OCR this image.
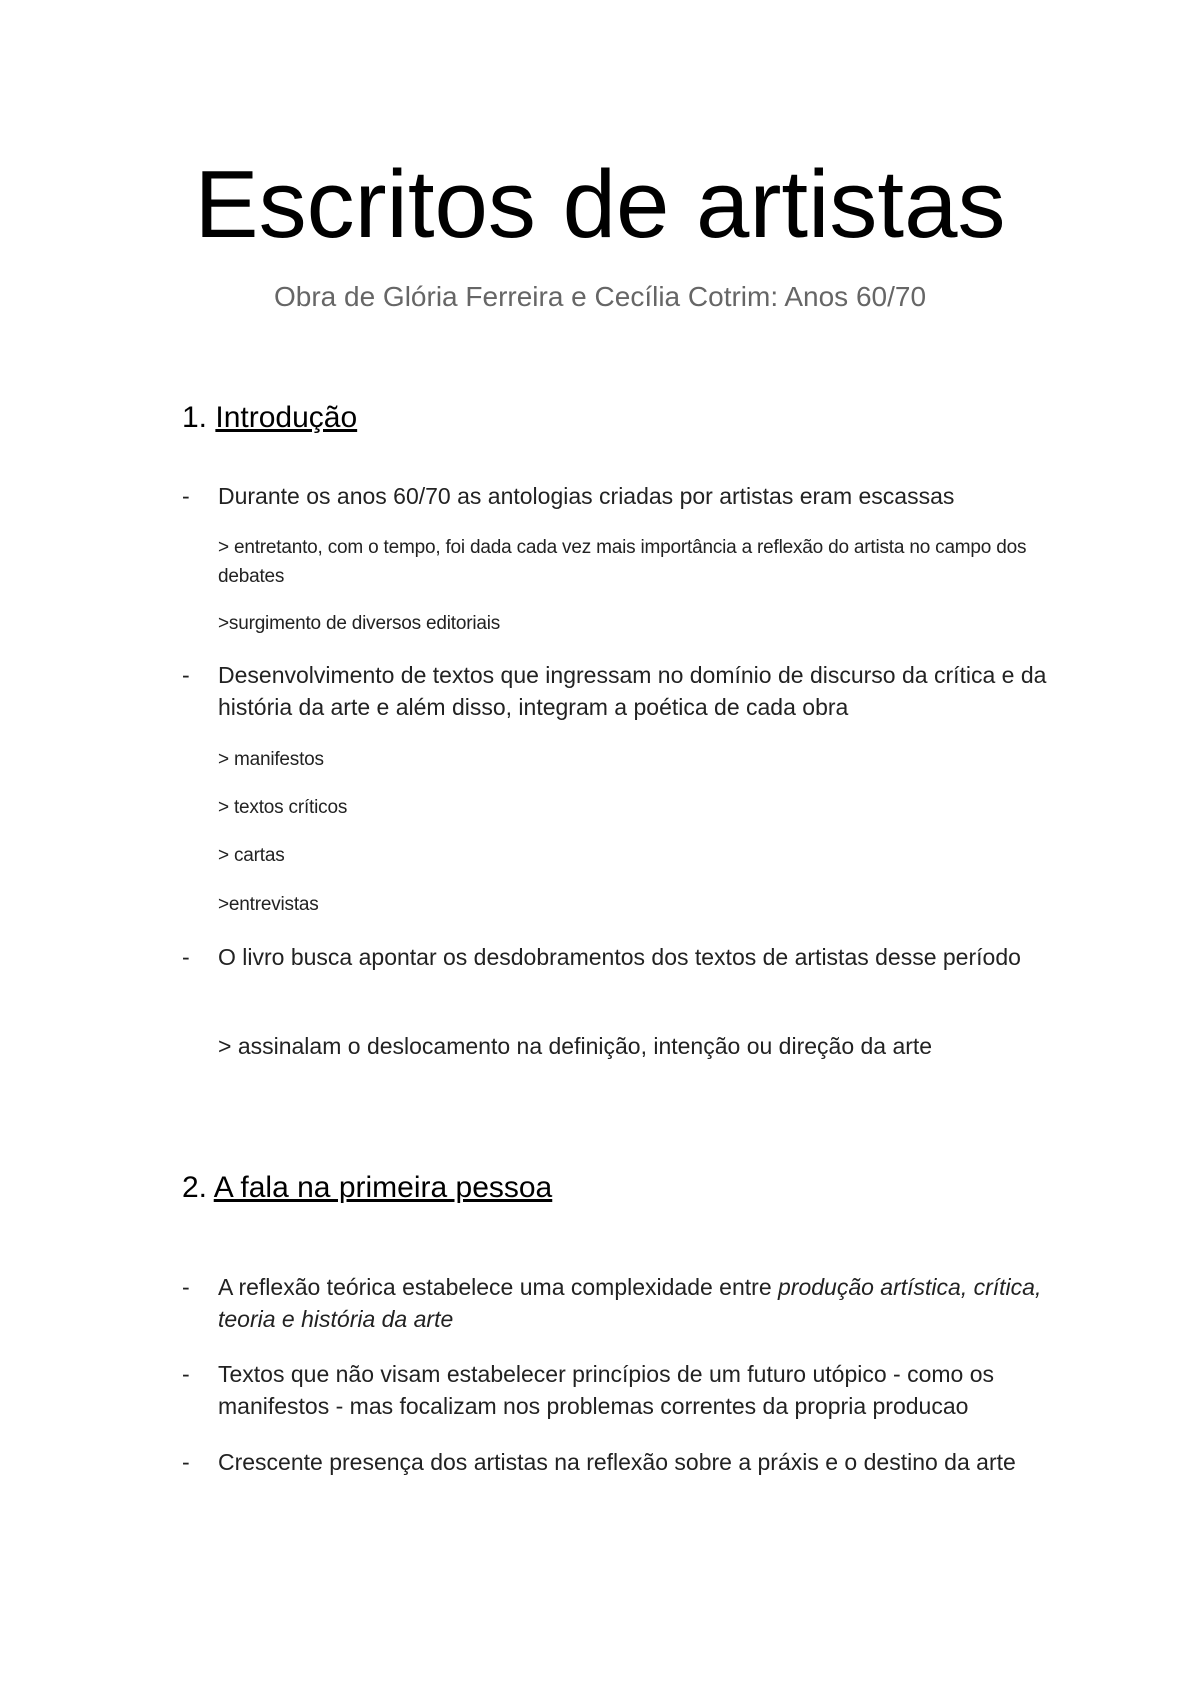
Escritos de artistas
Obra de Glória Ferreira e Cecília Cotrim: Anos 60/70
1. Introdução
- Durante os anos 60/70 as antologias criadas por artistas eram escassas
> entretanto, com o tempo, foi dada cada vez mais importância a reflexão do artista no campo dos debates
>surgimento de diversos editoriais
- Desenvolvimento de textos que ingressam no domínio de discurso da crítica e da história da arte e além disso, integram a poética de cada obra
> manifestos
> textos críticos
> cartas
>entrevistas
- O livro busca apontar os desdobramentos dos textos de artistas desse período
> assinalam o deslocamento na definição, intenção ou direção da arte
2. A fala na primeira pessoa
- A reflexão teórica estabelece uma complexidade entre produção artística, crítica, teoria e história da arte
- Textos que não visam estabelecer princípios de um futuro utópico - como os manifestos - mas focalizam nos problemas correntes da propria producao
- Crescente presença dos artistas na reflexão sobre a práxis e o destino da arte
